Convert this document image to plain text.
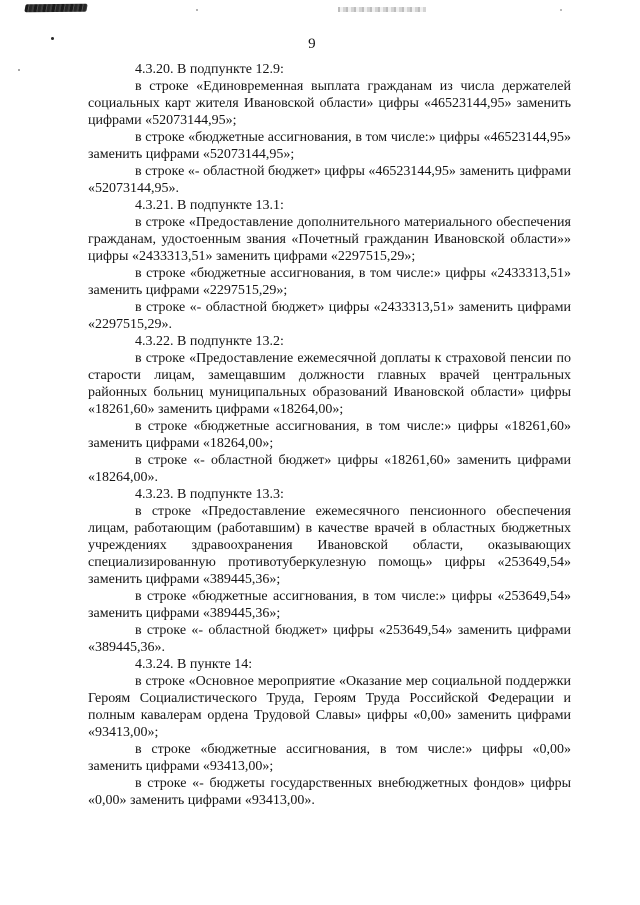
9

4.3.20. В подпункте 12.9:

в строке «Единовременная выплата гражданам из числа держателей социальных карт жителя Ивановской области» цифры «46523144,95» заменить цифрами «52073144,95»;

в строке «бюджетные ассигнования, в том числе:» цифры «46523144,95» заменить цифрами «52073144,95»;

в строке «- областной бюджет» цифры «46523144,95» заменить цифрами «52073144,95».

4.3.21. В подпункте 13.1:

в строке «Предоставление дополнительного материального обеспечения гражданам, удостоенным звания «Почетный гражданин Ивановской области»» цифры «2433313,51» заменить цифрами «2297515,29»;

в строке «бюджетные ассигнования, в том числе:» цифры «2433313,51» заменить цифрами «2297515,29»;

в строке «- областной бюджет» цифры «2433313,51» заменить цифрами «2297515,29».

4.3.22. В подпункте 13.2:

в строке «Предоставление ежемесячной доплаты к страховой пенсии по старости лицам, замещавшим должности главных врачей центральных районных больниц муниципальных образований Ивановской области» цифры «18261,60» заменить цифрами «18264,00»;

в строке «бюджетные ассигнования, в том числе:» цифры «18261,60» заменить цифрами «18264,00»;

в строке «- областной бюджет» цифры «18261,60» заменить цифрами «18264,00».

4.3.23. В подпункте 13.3:

в строке «Предоставление ежемесячного пенсионного обеспечения лицам, работающим (работавшим) в качестве врачей в областных бюджетных учреждениях здравоохранения Ивановской области, оказывающих специализированную противотуберкулезную помощь» цифры «253649,54» заменить цифрами «389445,36»;

в строке «бюджетные ассигнования, в том числе:» цифры «253649,54» заменить цифрами «389445,36»;

в строке «- областной бюджет» цифры «253649,54» заменить цифрами «389445,36».

4.3.24. В пункте 14:

в строке «Основное мероприятие «Оказание мер социальной поддержки Героям Социалистического Труда, Героям Труда Российской Федерации и полным кавалерам ордена Трудовой Славы» цифры «0,00» заменить цифрами «93413,00»;

в строке «бюджетные ассигнования, в том числе:» цифры «0,00» заменить цифрами «93413,00»;

в строке «- бюджеты государственных внебюджетных фондов» цифры «0,00» заменить цифрами «93413,00».
